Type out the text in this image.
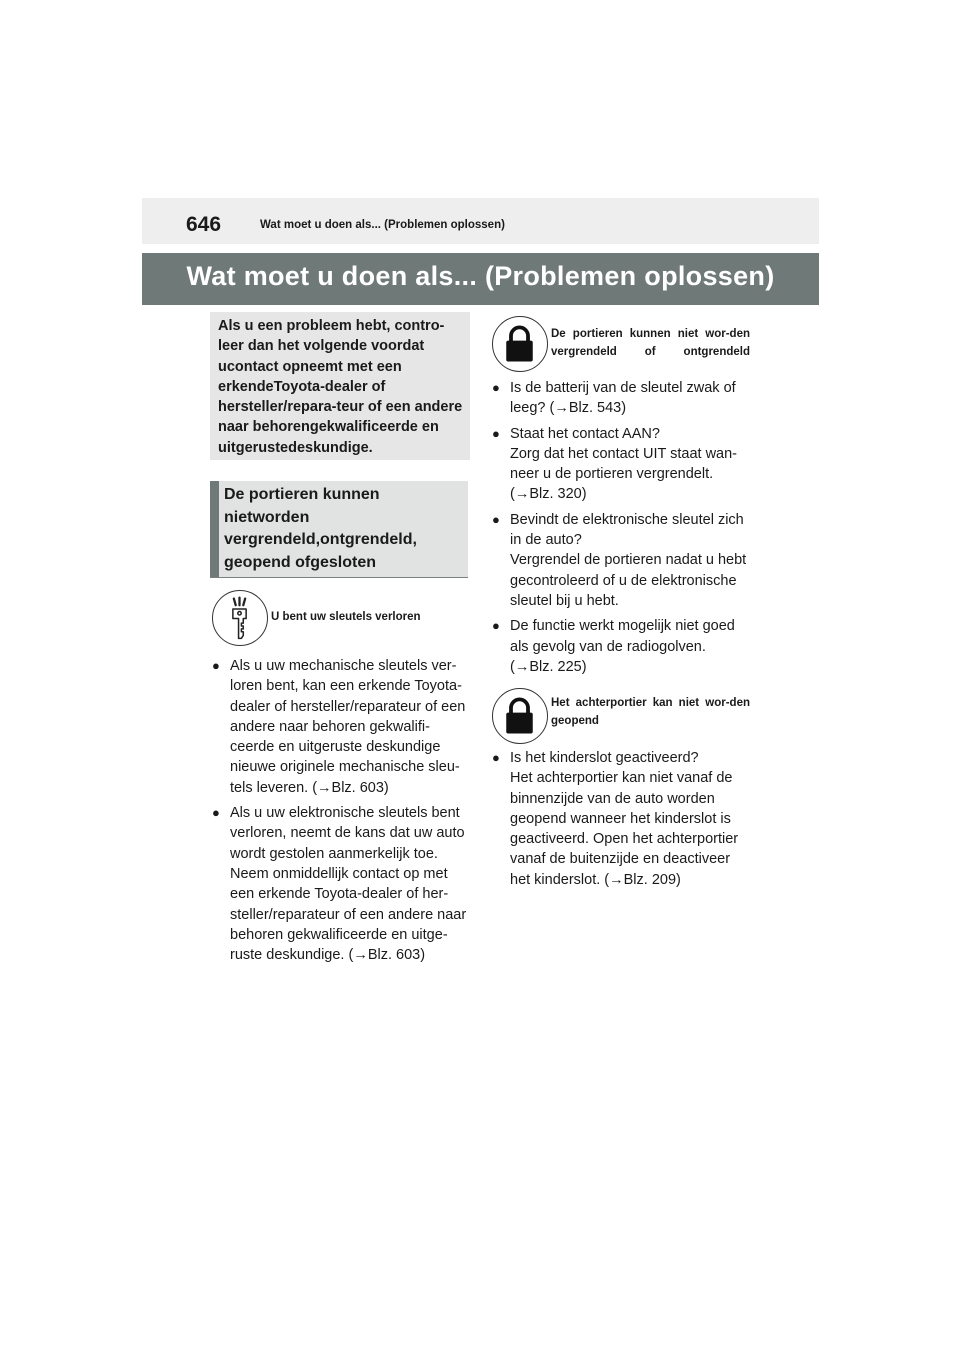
646	Wat moet u doen als... (Problemen oplossen)
Wat moet u doen als... (Problemen oplossen)
Als u een probleem hebt, contro-leer dan het volgende voordat ucontact opneemt met een erkendeToyota-dealer of hersteller/repara-teur of een andere naar behorengekwalificeerde en uitgerustedeskundige.
De portieren kunnen nietworden vergrendeld,ontgrendeld, geopend ofgesloten
U bent uw sleutels verloren
● Als u uw mechanische sleutels ver-
loren bent, kan een erkende Toyota-
dealer of hersteller/reparateur of een
andere naar behoren gekwalifi-
ceerde en uitgeruste deskundige
nieuwe originele mechanische sleu-
tels leveren. (→Blz. 603)
● Als u uw elektronische sleutels bent
verloren, neemt de kans dat uw auto
wordt gestolen aanmerkelijk toe.
Neem onmiddellijk contact op met
een erkende Toyota-dealer of her-
steller/reparateur of een andere naar
behoren gekwalificeerde en uitge-
ruste deskundige. (→Blz. 603)
De portieren kunnen niet wor-den vergrendeld of ontgrendeld
● Is de batterij van de sleutel zwak of
leeg? (→Blz. 543)
● Staat het contact AAN?
Zorg dat het contact UIT staat wan-
neer u de portieren vergrendelt.
(→Blz. 320)
● Bevindt de elektronische sleutel zich
in de auto?
Vergrendel de portieren nadat u hebt
gecontroleerd of u de elektronische
sleutel bij u hebt.
● De functie werkt mogelijk niet goed
als gevolg van de radiogolven.
(→Blz. 225)
Het achterportier kan niet wor-den geopend
● Is het kinderslot geactiveerd?
Het achterportier kan niet vanaf de
binnenzijde van de auto worden
geopend wanneer het kinderslot is
geactiveerd. Open het achterportier
vanaf de buitenzijde en deactiveer
het kinderslot. (→Blz. 209)
